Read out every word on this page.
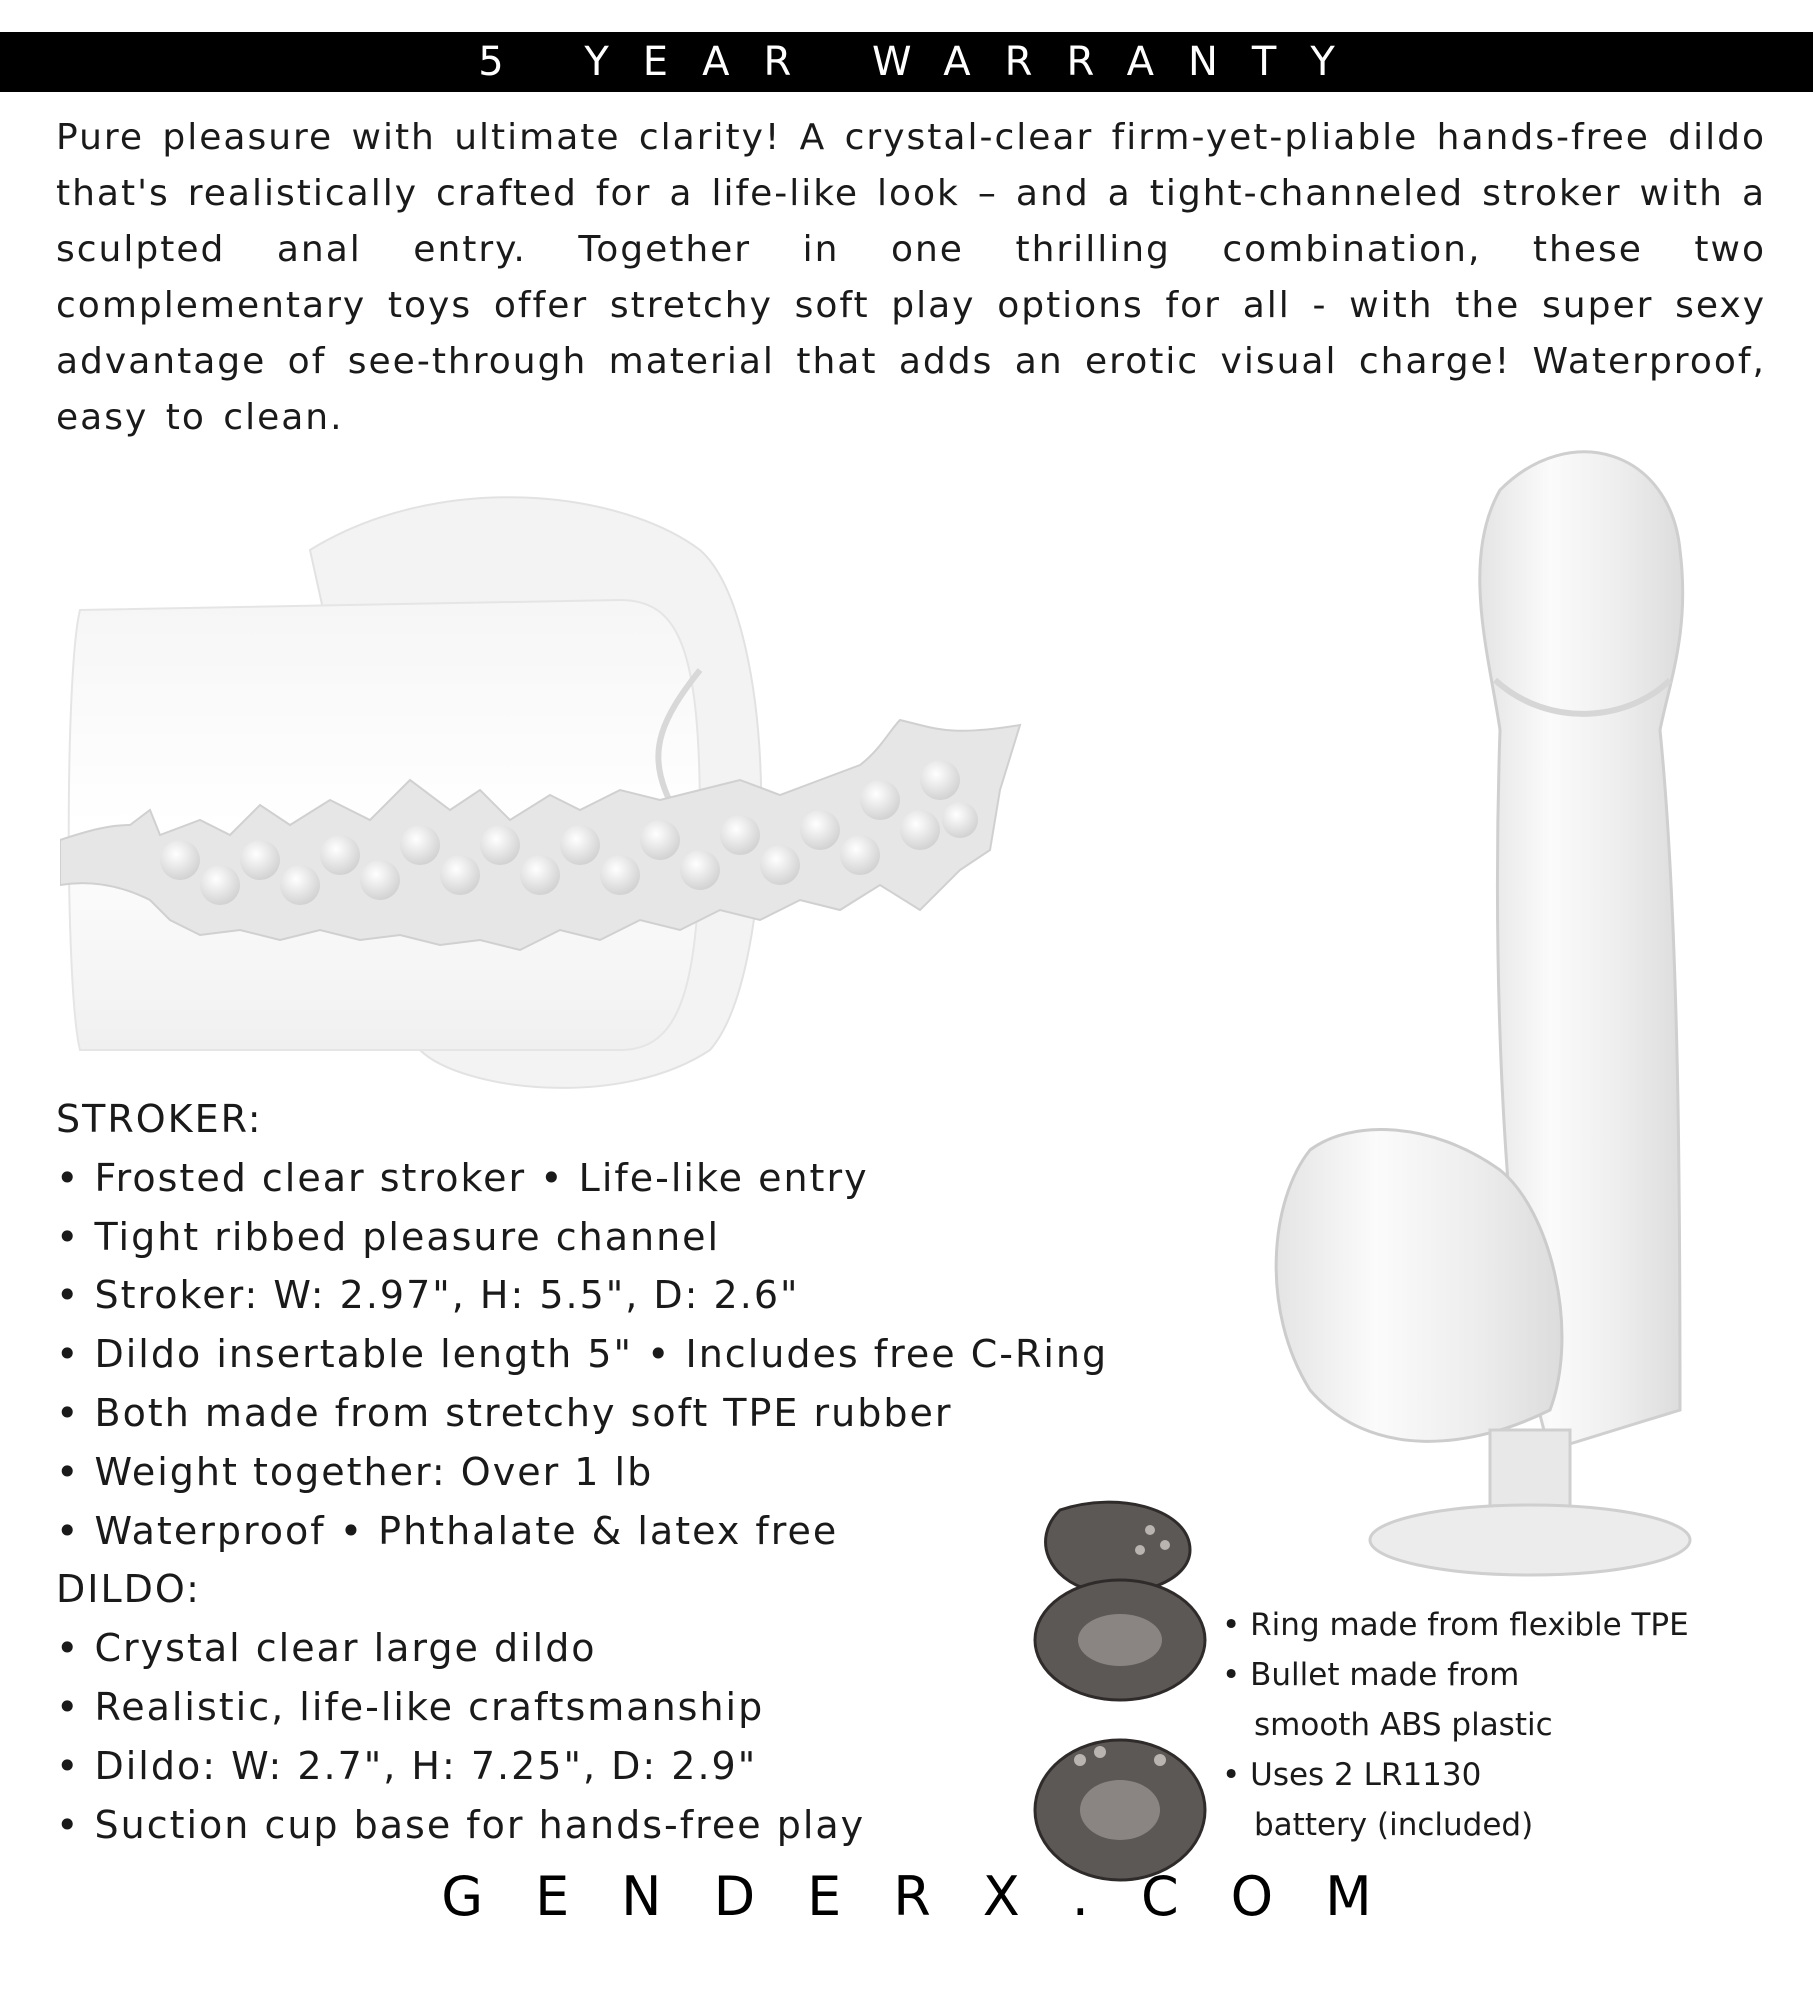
5 YEAR WARRANTY

Pure pleasure with ultimate clarity! A crystal-clear firm-yet-pliable hands-free dildo that's realistically crafted for a life-like look – and a tight-channeled stroker with a sculpted anal entry. Together in one thrilling combination, these two complementary toys offer stretchy soft play options for all - with the super sexy advantage of see-through material that adds an erotic visual charge! Waterproof, easy to clean.

STROKER:
• Frosted clear stroker • Life-like entry
• Tight ribbed pleasure channel
• Stroker: W: 2.97", H: 5.5", D: 2.6"
• Dildo insertable length 5" • Includes free C-Ring
• Both made from stretchy soft TPE rubber
• Weight together: Over 1 lb
• Waterproof • Phthalate & latex free
DILDO:
• Crystal clear large dildo
• Realistic, life-like craftsmanship
• Dildo: W: 2.7", H: 7.25", D: 2.9"
• Suction cup base for hands-free play
• Ring made from flexible TPE
• Bullet made from
smooth ABS plastic
• Uses 2 LR1130
battery (included)
GENDERX.COM
